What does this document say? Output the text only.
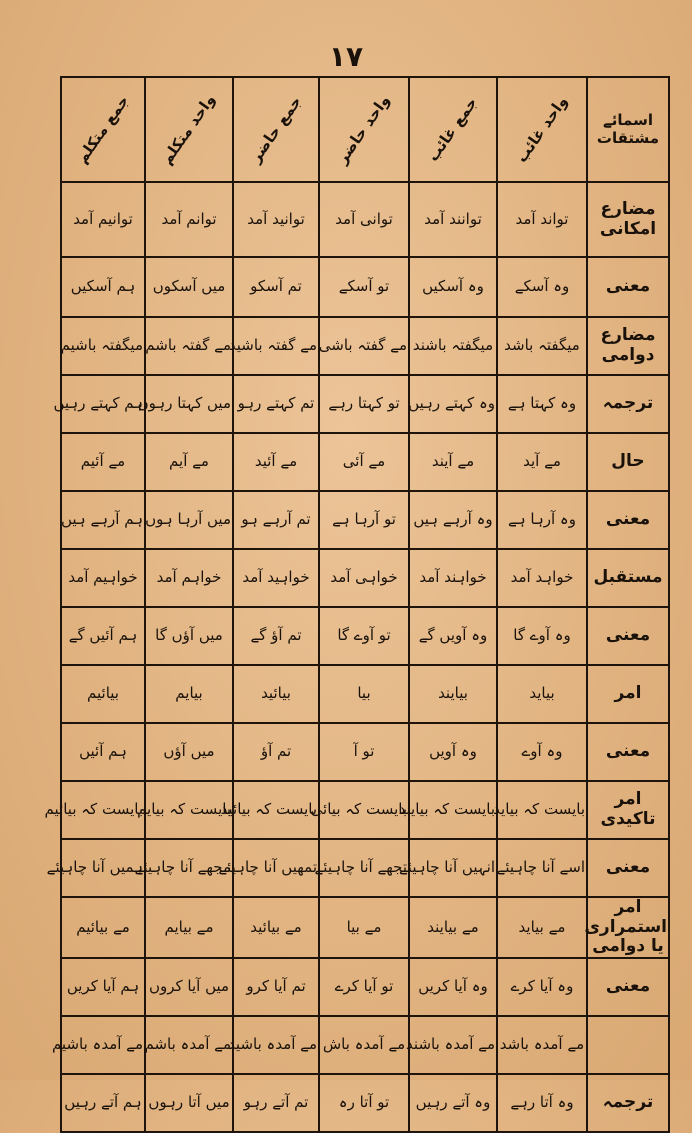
۱۷
اسمائے مشتقات	واحد غائب	جمع غائب	واحد حاضر	جمع حاضر	واحد متکلم	جمع متکلم
مضارع امکانی	تواند آمد	توانند آمد	توانی آمد	توانید آمد	توانم آمد	توانیم آمد
معنی	وہ آسکے	وہ آسکیں	تو آسکے	تم آسکو	میں آسکوں	ہم آسکیں
مضارع دوامی	میگفتہ باشد	میگفتہ باشند	مے گفتہ باشی	مے گفتہ باشید	مے گفتہ باشم	میگفتہ باشیم
ترجمہ	وہ کہتا ہے	وہ کہتے رہیں	تو کہتا رہے	تم کہتے رہو	میں کہتا رہوں	ہم کہتے رہیں
حال	مے آید	مے آیند	مے آئی	مے آئید	مے آیم	مے آئیم
معنی	وہ آرہا ہے	وہ آرہے ہیں	تو آرہا ہے	تم آرہے ہو	میں آرہا ہوں	ہم آرہے ہیں
مستقبل	خواہد آمد	خواہند آمد	خواہی آمد	خواہید آمد	خواہم آمد	خواہیم آمد
معنی	وہ آوے گا	وہ آویں گے	تو آوے گا	تم آؤ گے	میں آؤں گا	ہم آئیں گے
امر	بیاید	بیایند	بیا	بیائید	بیایم	بیائیم
معنی	وہ آوے	وہ آویں	تو آ	تم آؤ	میں آؤں	ہم آئیں
امر تاکیدی	بایست کہ بیاید	بایست کہ بیایند	بایست کہ بیائی	بایست کہ بیائید	بایست کہ بیایم	بایست کہ بیائیم
معنی	اسے آنا چاہیئے	انہیں آنا چاہیئے	تجھے آنا چاہیئے	تمھیں آنا چاہیئے	مجھے آنا چاہیئے	ہمیں آنا چاہیئے
امر استمراری یا دوامی	مے بیاید	مے بیایند	مے بیا	مے بیائید	مے بیایم	مے بیائیم
معنی	وہ آیا کرے	وہ آیا کریں	تو آیا کرے	تم آیا کرو	میں آیا کروں	ہم آیا کریں
	مے آمدہ باشد	مے آمدہ باشند	مے آمدہ باش	مے آمدہ باشید	مے آمدہ باشم	مے آمدہ باشیم
ترجمہ	وہ آتا رہے	وہ آتے رہیں	تو آتا رہ	تم آتے رہو	میں آتا رہوں	ہم آتے رہیں
